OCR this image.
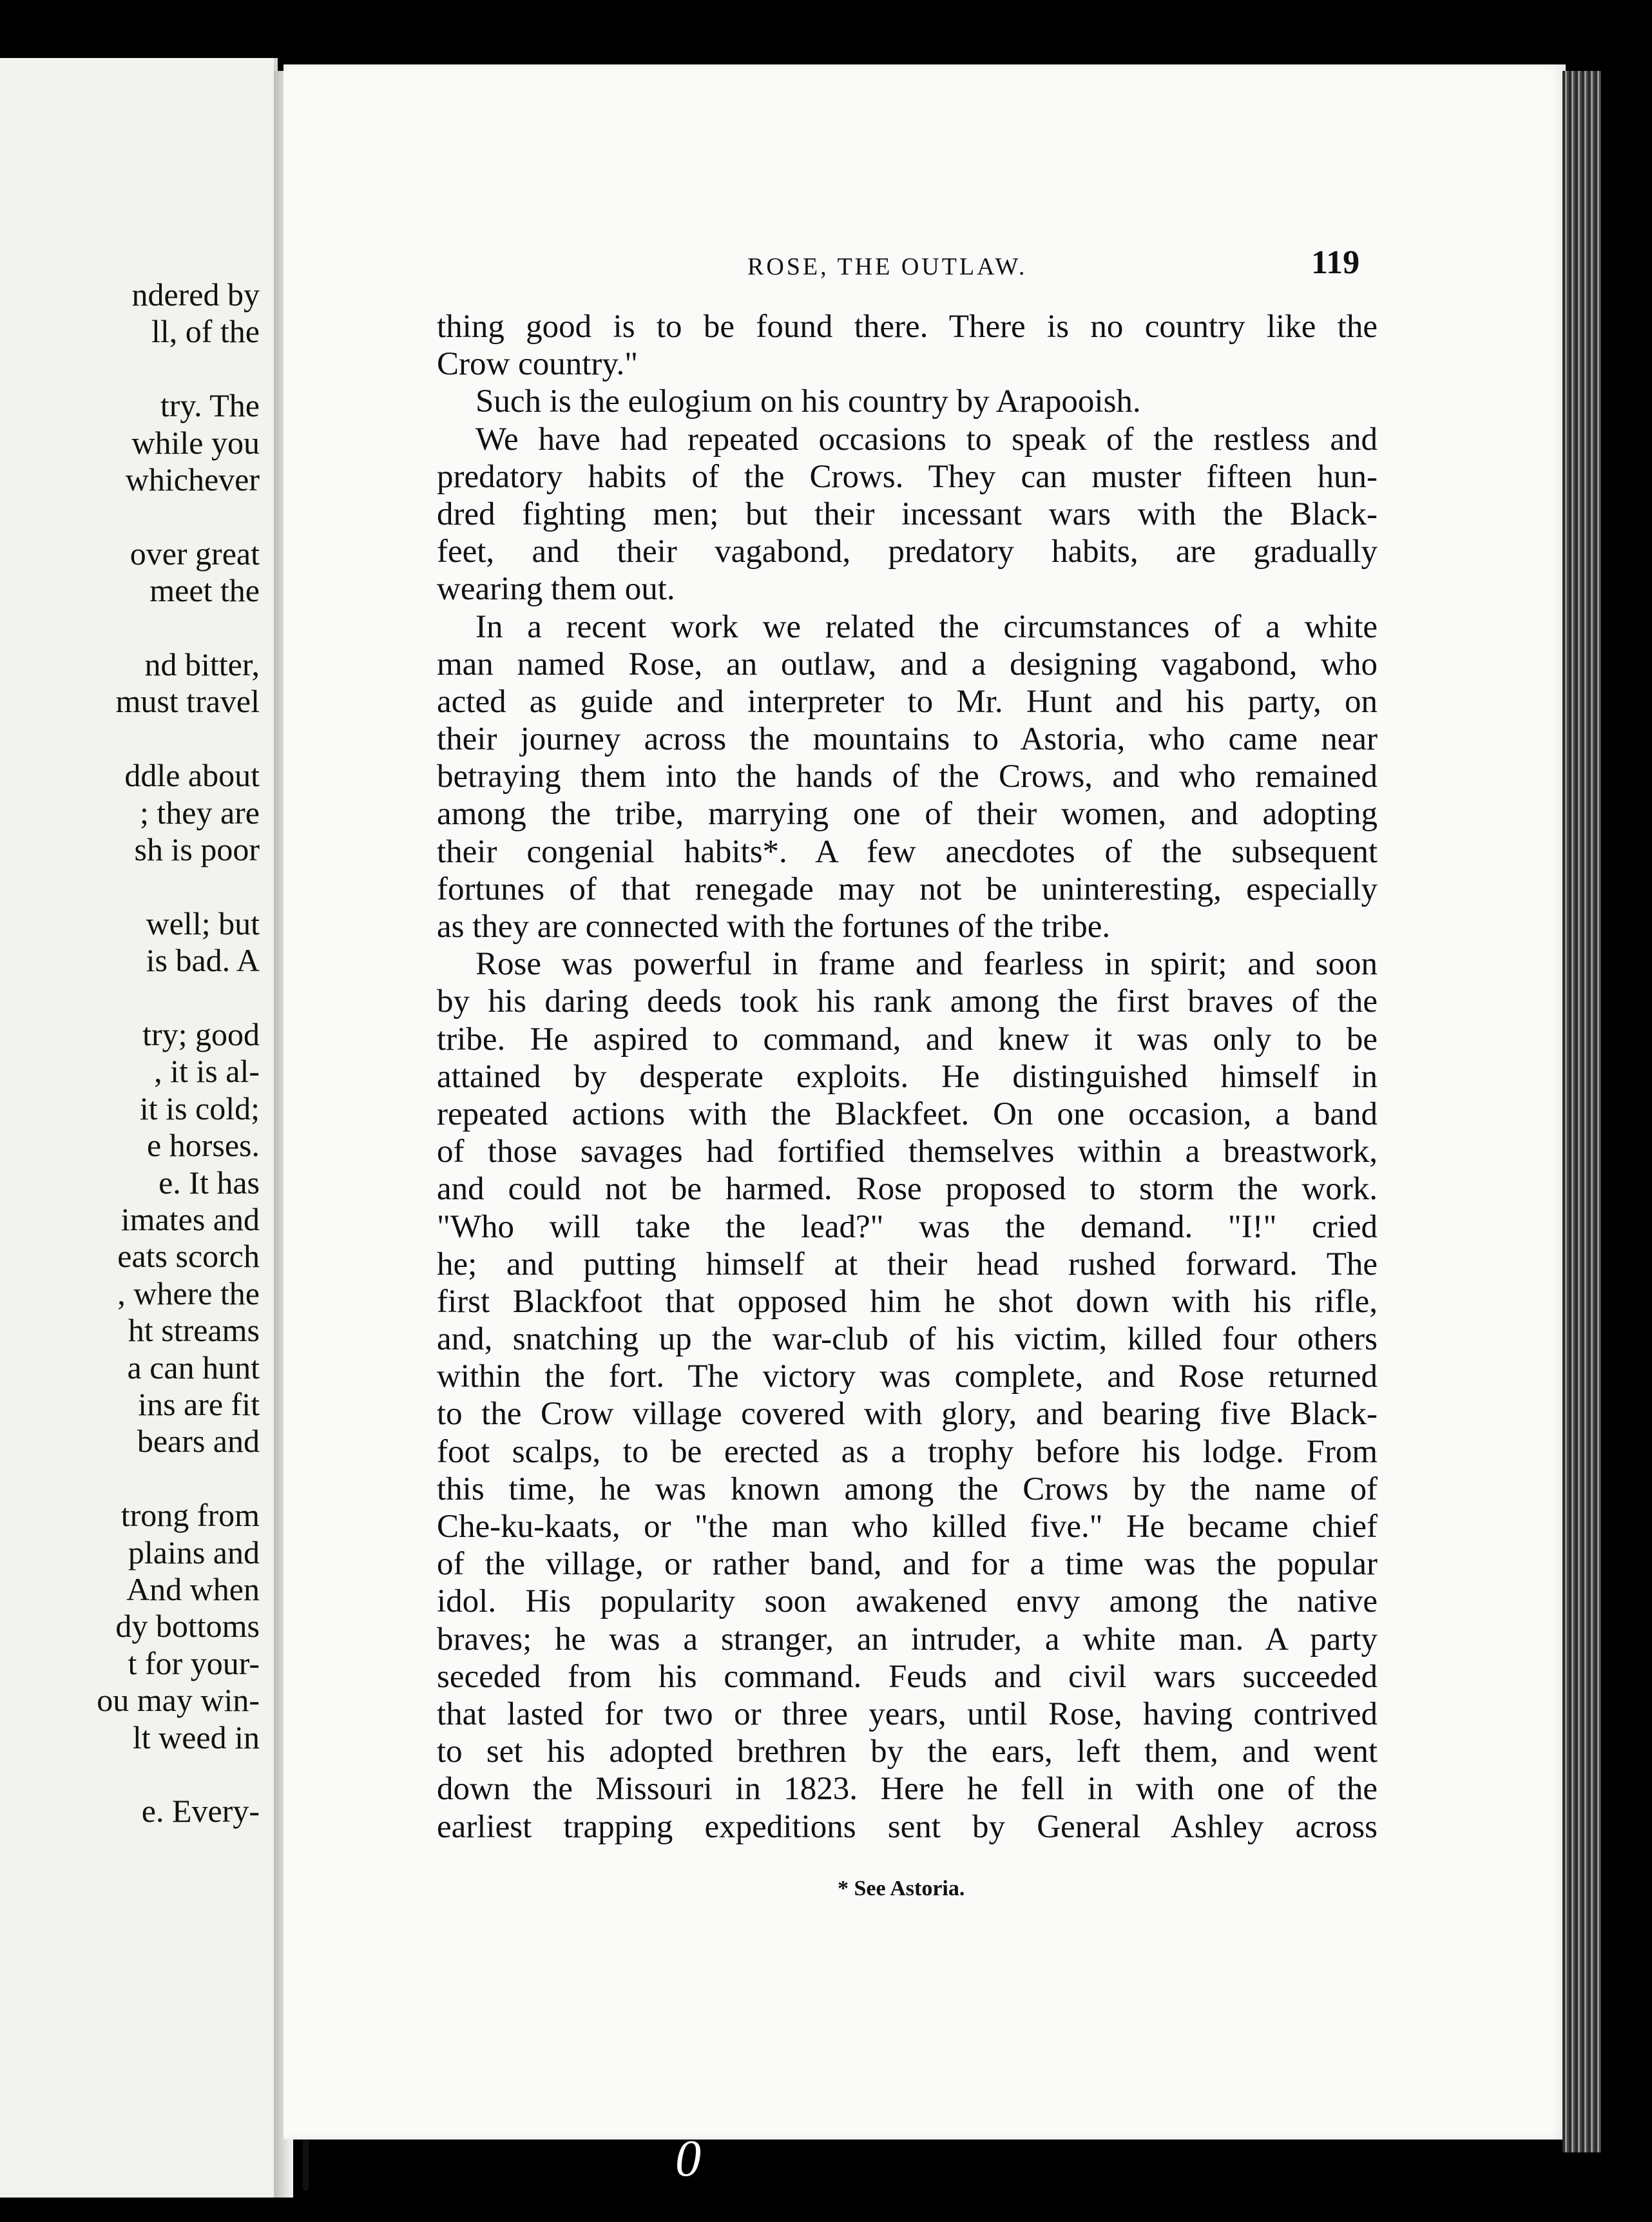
ndered by
ll, of the
try. The
while you
whichever
over great
meet the
nd bitter,
must travel
ddle about
; they are
sh is poor
well; but
is bad. A
try; good
, it is al-
it is cold;
e horses.
e. It has
imates and
eats scorch
, where the
ht streams
a can hunt
ins are fit
bears and
trong from
plains and
And when
dy bottoms
t for your-
ou may win-
lt weed in
e. Every-
ROSE, THE OUTLAW.	119
thing good is to be found there. There is no country like the
Crow country."
Such is the eulogium on his country by Arapooish.
We have had repeated occasions to speak of the restless and
predatory habits of the Crows. They can muster fifteen hun-
dred fighting men; but their incessant wars with the Black-
feet, and their vagabond, predatory habits, are gradually
wearing them out.
In a recent work we related the circumstances of a white
man named Rose, an outlaw, and a designing vagabond, who
acted as guide and interpreter to Mr. Hunt and his party, on
their journey across the mountains to Astoria, who came near
betraying them into the hands of the Crows, and who remained
among the tribe, marrying one of their women, and adopting
their congenial habits*. A few anecdotes of the subsequent
fortunes of that renegade may not be uninteresting, especially
as they are connected with the fortunes of the tribe.
Rose was powerful in frame and fearless in spirit; and soon
by his daring deeds took his rank among the first braves of the
tribe. He aspired to command, and knew it was only to be
attained by desperate exploits. He distinguished himself in
repeated actions with the Blackfeet. On one occasion, a band
of those savages had fortified themselves within a breastwork,
and could not be harmed. Rose proposed to storm the work.
"Who will take the lead?" was the demand. "I!" cried
he; and putting himself at their head rushed forward. The
first Blackfoot that opposed him he shot down with his rifle,
and, snatching up the war-club of his victim, killed four others
within the fort. The victory was complete, and Rose returned
to the Crow village covered with glory, and bearing five Black-
foot scalps, to be erected as a trophy before his lodge. From
this time, he was known among the Crows by the name of
Che-ku-kaats, or "the man who killed five." He became chief
of the village, or rather band, and for a time was the popular
idol. His popularity soon awakened envy among the native
braves; he was a stranger, an intruder, a white man. A party
seceded from his command. Feuds and civil wars succeeded
that lasted for two or three years, until Rose, having contrived
to set his adopted brethren by the ears, left them, and went
down the Missouri in 1823. Here he fell in with one of the
earliest trapping expeditions sent by General Ashley across
* See Astoria.
0
